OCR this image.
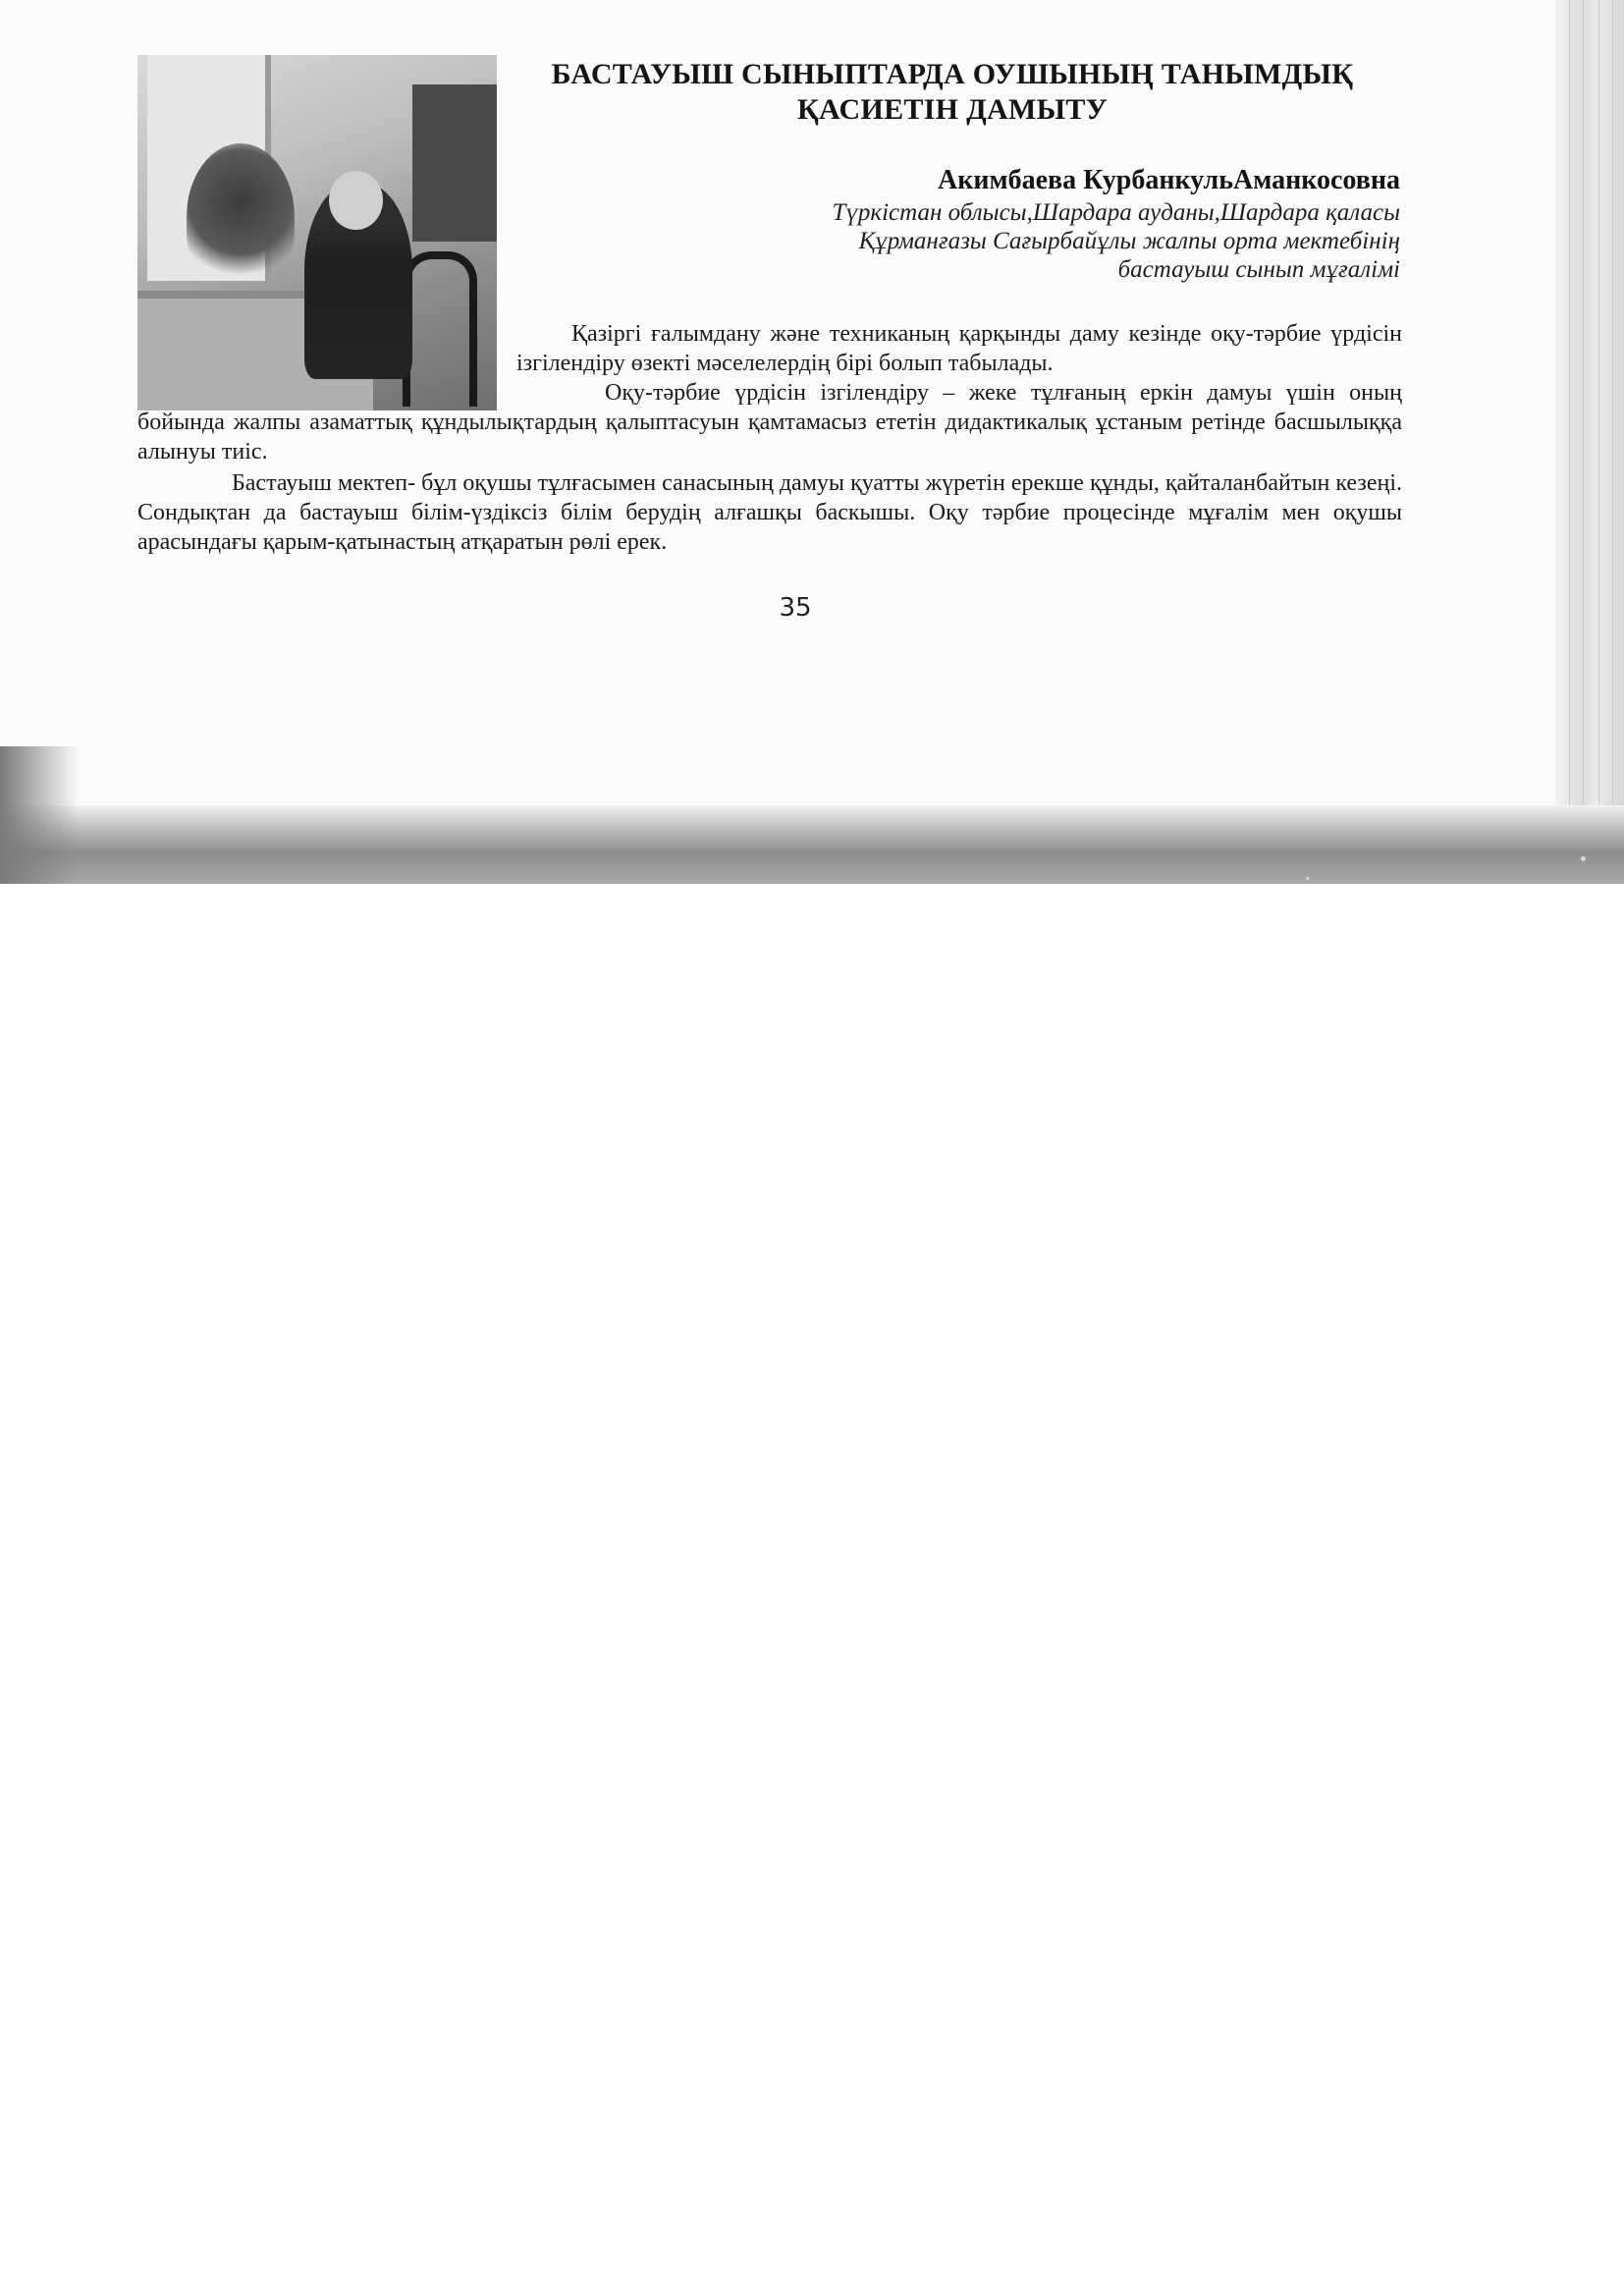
БАСТАУЫШ СЫНЫПТАРДА ОУШЫНЫҢ ТАНЫМДЫҚ
ҚАСИЕТІН ДАМЫТУ
Акимбаева КурбанкульАманкосовна
Түркістан облысы,Шардара ауданы,Шардара қаласы
Құрманғазы Сағырбайұлы жалпы орта мектебінің
бастауыш сынып мұғалімі
Қазіргі ғалымдану және техниканың қарқынды даму кезінде оқу-тәрбие үрдісін ізгілендіру өзекті мәселелердің бірі болып табылады.
Оқу-тәрбие үрдісін ізгілендіру – жеке тұлғаның еркін дамуы үшін оның бойында жалпы азаматтық құндылықтардың қалыптасуын қамтамасыз ететін дидактикалық ұстаным ретінде басшылыққа алынуы тиіс.
Бастауыш мектеп- бұл оқушы тұлғасымен санасының дамуы қуатты жүретін ерекше құнды, қайталанбайтын кезеңі. Сондықтан да бастауыш білім-үздіксіз білім берудің алғашқы баскышы. Оқу тәрбие процесінде мұғалім мен оқушы арасындағы қарым-қатынастың атқаратын рөлі ерек.
35
